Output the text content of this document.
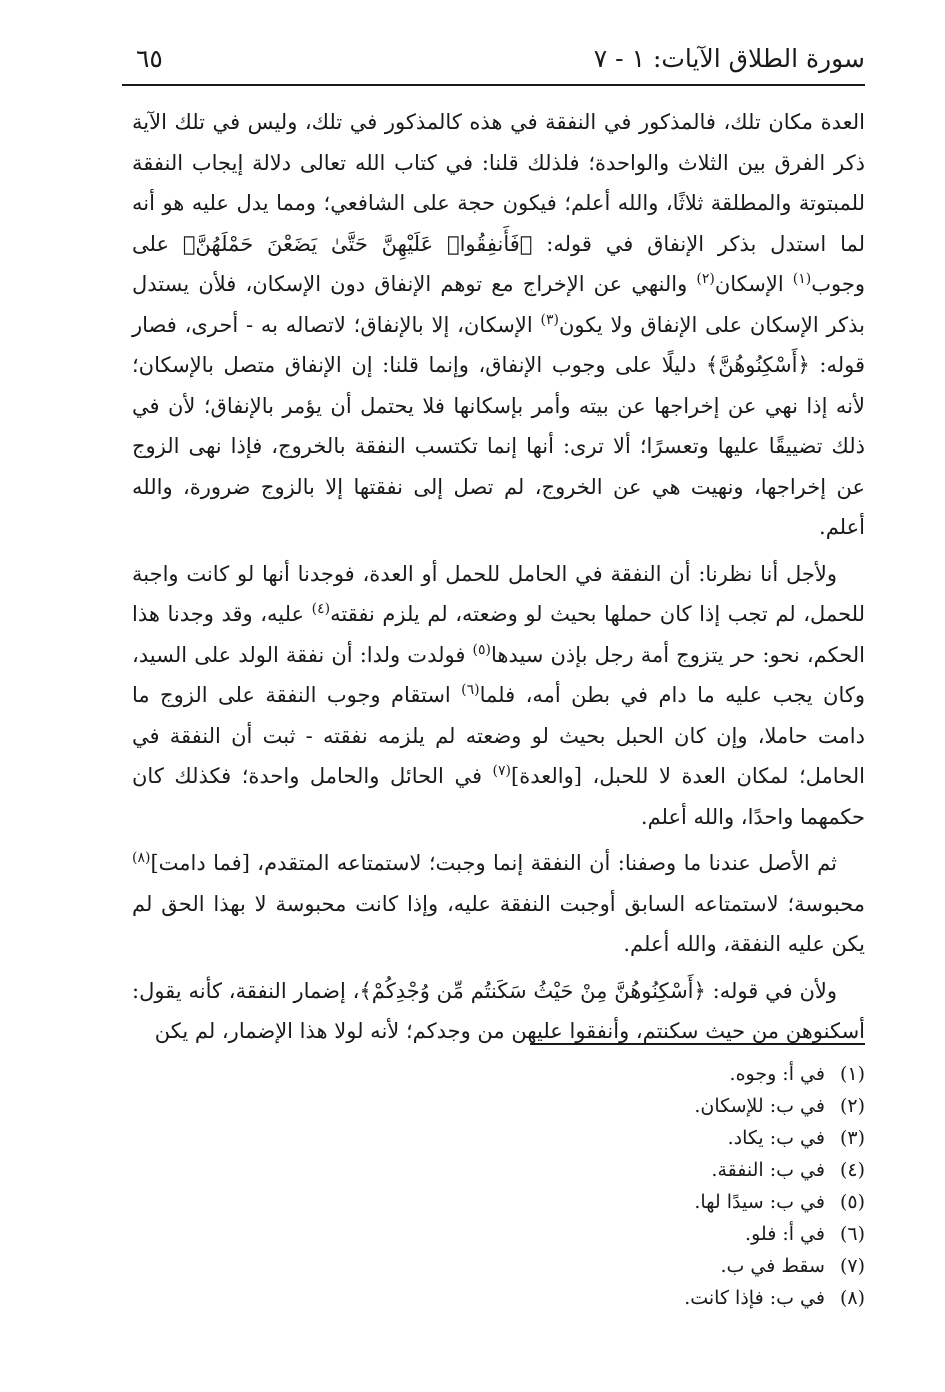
سورة الطلاق الآيات: ١ - ٧
٦٥

العدة مكان تلك، فالمذكور في النفقة في هذه كالمذكور في تلك، وليس في تلك الآية ذكر الفرق بين الثلاث والواحدة؛ فلذلك قلنا: في كتاب الله تعالى دلالة إيجاب النفقة للمبتوتة والمطلقة ثلاثًا، والله أعلم؛ فيكون حجة على الشافعي؛ ومما يدل عليه هو أنه لما استدل بذكر الإنفاق في قوله: ﴿فَأَنفِقُوا۟ عَلَيْهِنَّ حَتَّىٰ يَضَعْنَ حَمْلَهُنَّ﴾ على وجوب$^{(١)}$ الإسكان$^{(٢)}$ والنهي عن الإخراج مع توهم الإنفاق دون الإسكان، فلأن يستدل بذكر الإسكان على الإنفاق ولا يكون$^{(٣)}$ الإسكان، إلا بالإنفاق؛ لاتصاله به - أحرى، فصار قوله: ﴿أَسْكِنُوهُنَّ﴾ دليلًا على وجوب الإنفاق، وإنما قلنا: إن الإنفاق متصل بالإسكان؛ لأنه إذا نهي عن إخراجها عن بيته وأمر بإسكانها فلا يحتمل أن يؤمر بالإنفاق؛ لأن في ذلك تضييقًا عليها وتعسرًا؛ ألا ترى: أنها إنما تكتسب النفقة بالخروج، فإذا نهى الزوج عن إخراجها، ونهيت هي عن الخروج، لم تصل إلى نفقتها إلا بالزوج ضرورة، والله أعلم.

ولأجل أنا نظرنا: أن النفقة في الحامل للحمل أو العدة، فوجدنا أنها لو كانت واجبة للحمل، لم تجب إذا كان حملها بحيث لو وضعته، لم يلزم نفقته$^{(٤)}$ عليه، وقد وجدنا هذا الحكم، نحو: حر يتزوج أمة رجل بإذن سيدها$^{(٥)}$ فولدت ولدا: أن نفقة الولد على السيد، وكان يجب عليه ما دام في بطن أمه، فلما$^{(٦)}$ استقام وجوب النفقة على الزوج ما دامت حاملا، وإن كان الحبل بحيث لو وضعته لم يلزمه نفقته - ثبت أن النفقة في الحامل؛ لمكان العدة لا للحبل، [والعدة]$^{(٧)}$ في الحائل والحامل واحدة؛ فكذلك كان حكمهما واحدًا، والله أعلم.

ثم الأصل عندنا ما وصفنا: أن النفقة إنما وجبت؛ لاستمتاعه المتقدم، [فما دامت]$^{(٨)}$ محبوسة؛ لاستمتاعه السابق أوجبت النفقة عليه، وإذا كانت محبوسة لا بهذا الحق لم يكن عليه النفقة، والله أعلم.

ولأن في قوله: ﴿أَسْكِنُوهُنَّ مِنْ حَيْثُ سَكَنتُم مِّن وُجْدِكُمْ﴾، إضمار النفقة، كأنه يقول: أسكنوهن من حيث سكنتم، وأنفقوا عليهن من وجدكم؛ لأنه لولا هذا الإضمار، لم يكن

(١) في أ: وجوه.
(٢) في ب: للإسكان.
(٣) في ب: يكاد.
(٤) في ب: النفقة.
(٥) في ب: سيدًا لها.
(٦) في أ: فلو.
(٧) سقط في ب.
(٨) في ب: فإذا كانت.
